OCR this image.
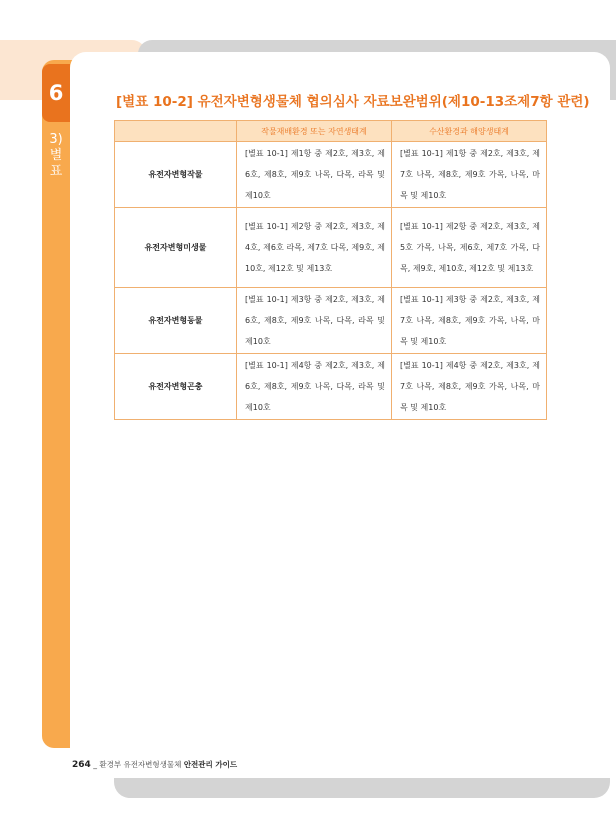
6
3)
별
표
[별표 10-2] 유전자변형생물체 협의심사 자료보완범위(제10-13조제7항 관련)
	작물재배환경 또는 자연생태계	수산환경과 해양생태계
유전자변형작물	[별표 10-1] 제1항 중 제2호, 제3호, 제6호, 제8호, 제9호 나목, 다목, 라목 및 제10호	[별표 10-1] 제1항 중 제2호, 제3호, 제7호 나목, 제8호, 제9호 가목, 나목, 마목 및 제10호
유전자변형미생물	[별표 10-1] 제2항 중 제2호, 제3호, 제4호, 제6호 라목, 제7호 다목, 제9호, 제10호, 제12호 및 제13호	[별표 10-1] 제2항 중 제2호, 제3호, 제5호 가목, 나목, 제6호, 제7호 가목, 다목, 제9호, 제10호, 제12호 및 제13호
유전자변형동물	[별표 10-1] 제3항 중 제2호, 제3호, 제6호, 제8호, 제9호 나목, 다목, 라목 및 제10호	[별표 10-1] 제3항 중 제2호, 제3호, 제7호 나목, 제8호, 제9호 가목, 나목, 마목 및 제10호
유전자변형곤충	[별표 10-1] 제4항 중 제2호, 제3호, 제6호, 제8호, 제9호 나목, 다목, 라목 및 제10호	[별표 10-1] 제4항 중 제2호, 제3호, 제7호 나목, 제8호, 제9호 가목, 나목, 마목 및 제10호
264 _ 환경부 유전자변형생물체 안전관리 가이드
